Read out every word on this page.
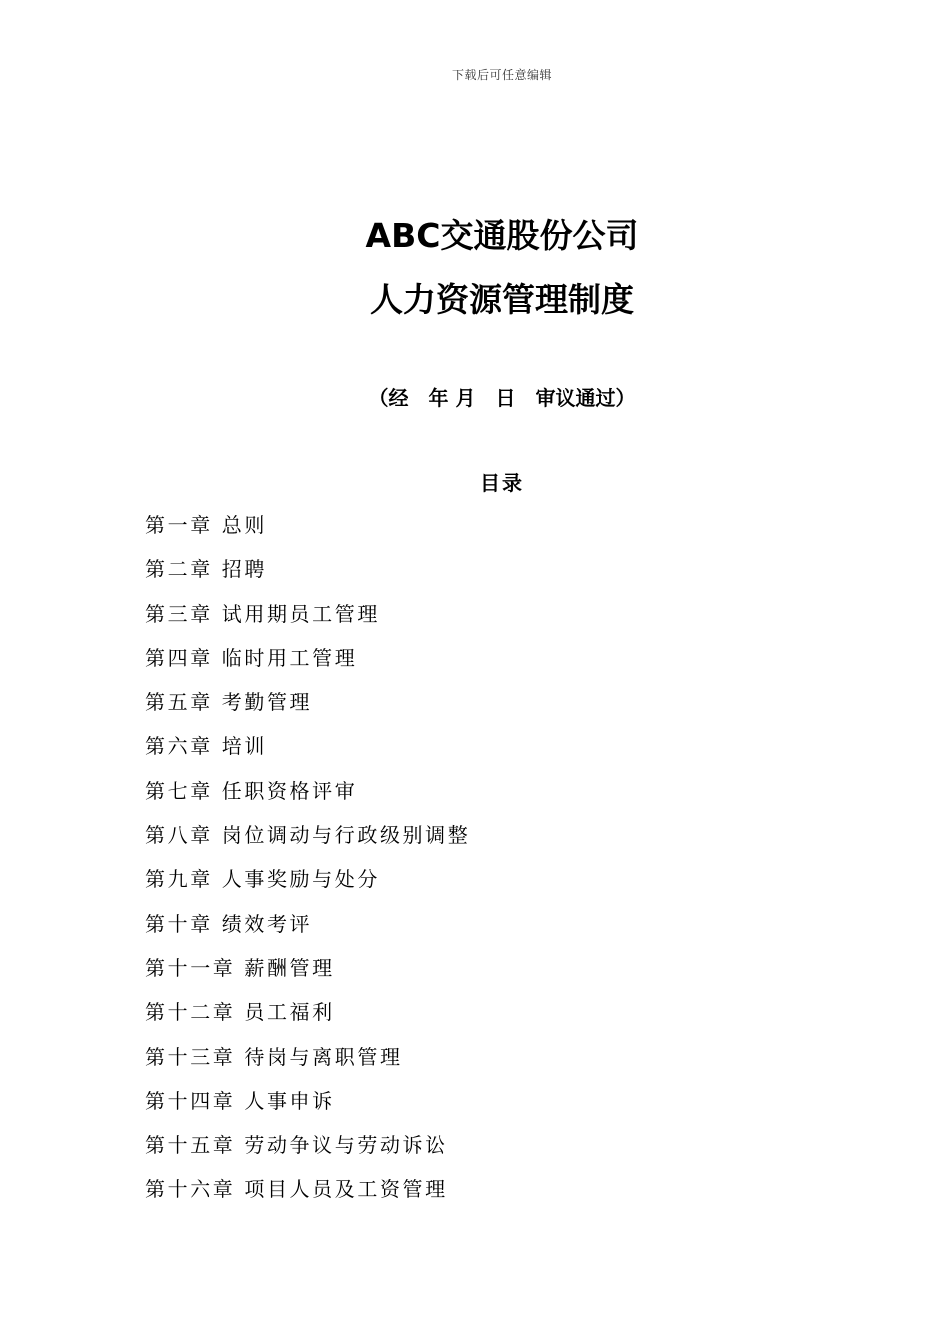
下载后可任意编辑
ABC交通股份公司
人力资源管理制度
（经　年 月　日　审议通过）
目录
第一章 总则
第二章 招聘
第三章 试用期员工管理
第四章 临时用工管理
第五章 考勤管理
第六章 培训
第七章 任职资格评审
第八章 岗位调动与行政级别调整
第九章 人事奖励与处分
第十章 绩效考评
第十一章 薪酬管理
第十二章 员工福利
第十三章 待岗与离职管理
第十四章 人事申诉
第十五章 劳动争议与劳动诉讼
第十六章 项目人员及工资管理
